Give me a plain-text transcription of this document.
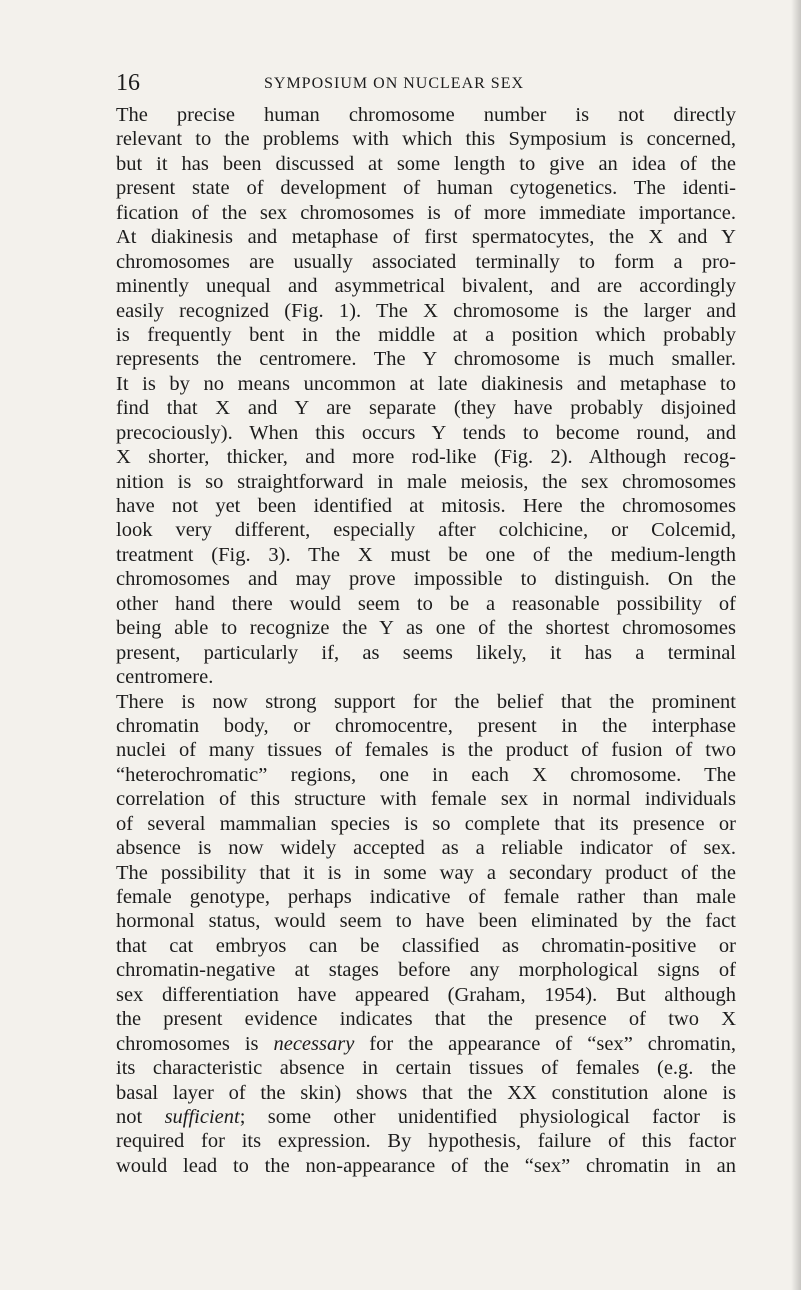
16	SYMPOSIUM ON NUCLEAR SEX
The precise human chromosome number is not directly
relevant to the problems with which this Symposium is concerned,
but it has been discussed at some length to give an idea of the
present state of development of human cytogenetics. The identi-
fication of the sex chromosomes is of more immediate importance.
At diakinesis and metaphase of first spermatocytes, the X and Y
chromosomes are usually associated terminally to form a pro-
minently unequal and asymmetrical bivalent, and are accordingly
easily recognized (Fig. 1). The X chromosome is the larger and
is frequently bent in the middle at a position which probably
represents the centromere. The Y chromosome is much smaller.
It is by no means uncommon at late diakinesis and metaphase to
find that X and Y are separate (they have probably disjoined
precociously). When this occurs Y tends to become round, and
X shorter, thicker, and more rod-like (Fig. 2). Although recog-
nition is so straightforward in male meiosis, the sex chromosomes
have not yet been identified at mitosis. Here the chromosomes
look very different, especially after colchicine, or Colcemid,
treatment (Fig. 3). The X must be one of the medium-length
chromosomes and may prove impossible to distinguish. On the
other hand there would seem to be a reasonable possibility of
being able to recognize the Y as one of the shortest chromosomes
present, particularly if, as seems likely, it has a terminal
centromere.
There is now strong support for the belief that the prominent
chromatin body, or chromocentre, present in the interphase
nuclei of many tissues of females is the product of fusion of two
“heterochromatic” regions, one in each X chromosome. The
correlation of this structure with female sex in normal individuals
of several mammalian species is so complete that its presence or
absence is now widely accepted as a reliable indicator of sex.
The possibility that it is in some way a secondary product of the
female genotype, perhaps indicative of female rather than male
hormonal status, would seem to have been eliminated by the fact
that cat embryos can be classified as chromatin-positive or
chromatin-negative at stages before any morphological signs of
sex differentiation have appeared (Graham, 1954). But although
the present evidence indicates that the presence of two X
chromosomes is necessary for the appearance of “sex” chromatin,
its characteristic absence in certain tissues of females (e.g. the
basal layer of the skin) shows that the XX constitution alone is
not sufficient; some other unidentified physiological factor is
required for its expression. By hypothesis, failure of this factor
would lead to the non-appearance of the “sex” chromatin in an
